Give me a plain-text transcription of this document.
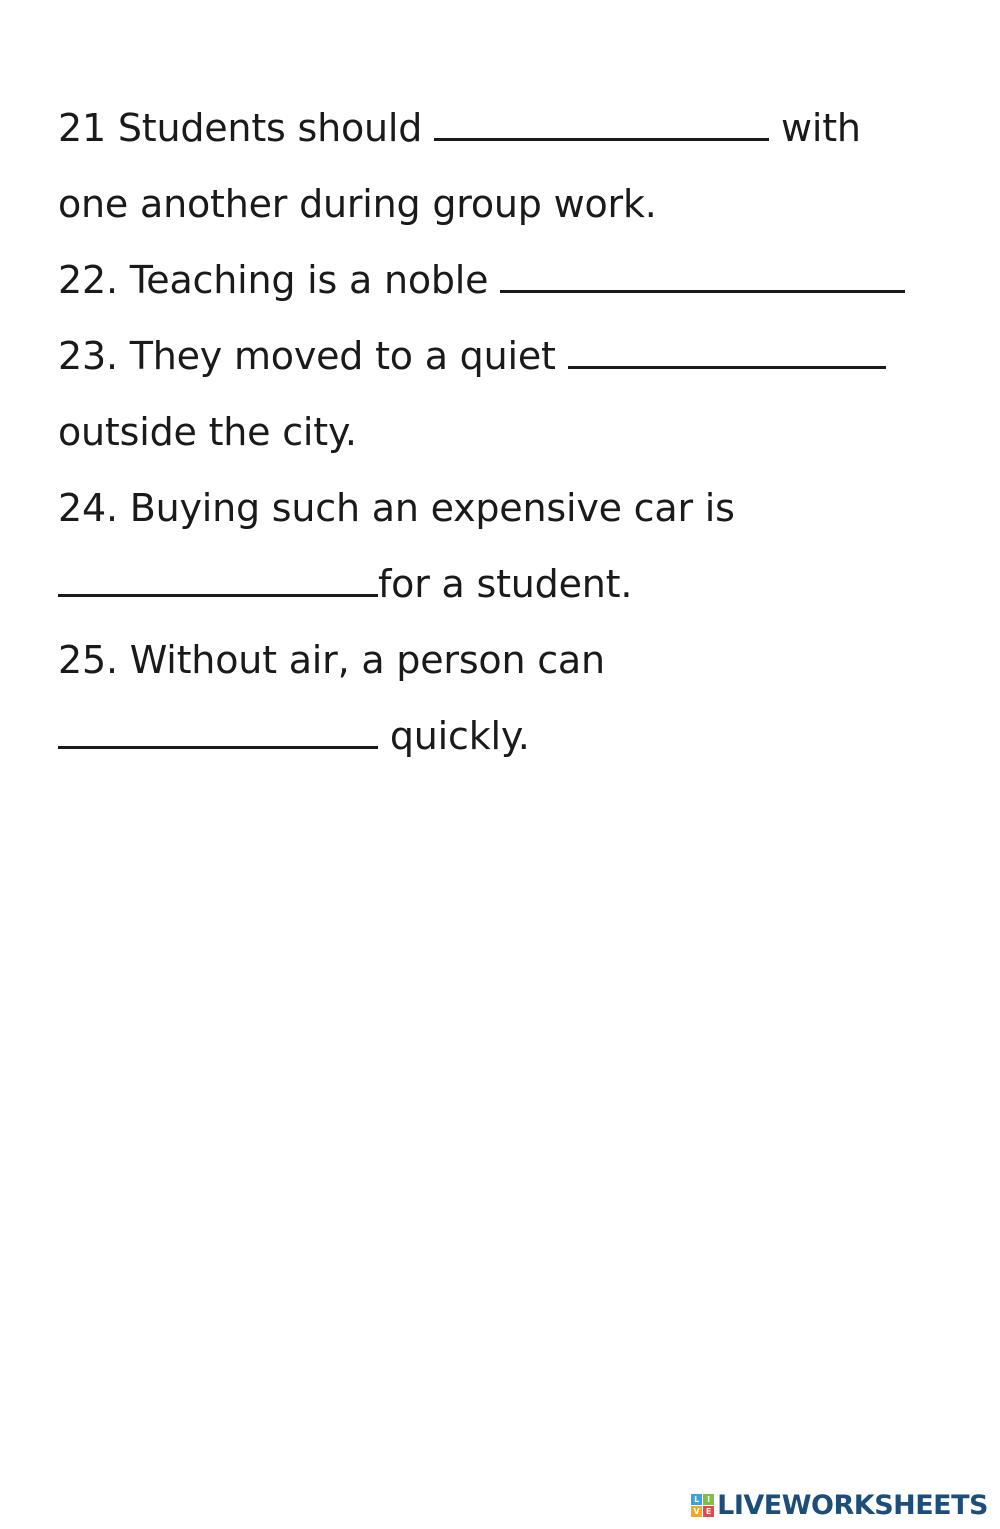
21 Students should	with
one another during group work.
22. Teaching is a noble
23. They moved to a quiet
outside the city.
24. Buying such an expensive car is
for a student.
25. Without air, a person can
quickly.
L I
V E LIVEWORKSHEETS
